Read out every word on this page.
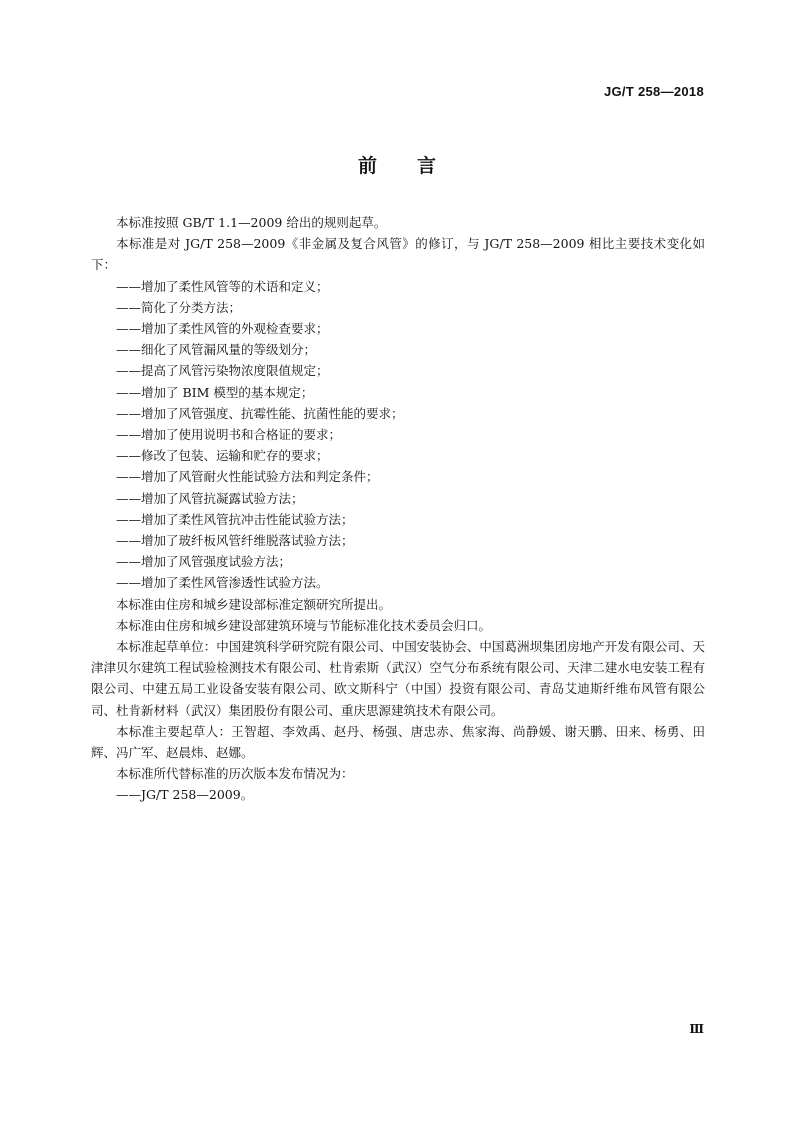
JG/T 258—2018

前言

本标准按照 GB/T 1.1—2009 给出的规则起草。

本标准是对 JG/T 258—2009《非金属及复合风管》的修订，与 JG/T 258—2009 相比主要技术变化如下：

——增加了柔性风管等的术语和定义；

——简化了分类方法；

——增加了柔性风管的外观检查要求；

——细化了风管漏风量的等级划分；

——提高了风管污染物浓度限值规定；

——增加了 BIM 模型的基本规定；

——增加了风管强度、抗霉性能、抗菌性能的要求；

——增加了使用说明书和合格证的要求；

——修改了包装、运输和贮存的要求；

——增加了风管耐火性能试验方法和判定条件；

——增加了风管抗凝露试验方法；

——增加了柔性风管抗冲击性能试验方法；

——增加了玻纤板风管纤维脱落试验方法；

——增加了风管强度试验方法；

——增加了柔性风管渗透性试验方法。

本标准由住房和城乡建设部标准定额研究所提出。

本标准由住房和城乡建设部建筑环境与节能标准化技术委员会归口。

本标准起草单位：中国建筑科学研究院有限公司、中国安装协会、中国葛洲坝集团房地产开发有限公司、天津津贝尔建筑工程试验检测技术有限公司、杜肯索斯（武汉）空气分布系统有限公司、天津二建水电安装工程有限公司、中建五局工业设备安装有限公司、欧文斯科宁（中国）投资有限公司、青岛艾迪斯纤维布风管有限公司、杜肯新材料（武汉）集团股份有限公司、重庆思源建筑技术有限公司。

本标准主要起草人：王智超、李效禹、赵丹、杨强、唐忠赤、焦家海、尚静媛、谢天鹏、田来、杨勇、田辉、冯广军、赵晨炜、赵娜。

本标准所代替标准的历次版本发布情况为：

——JG/T 258—2009。

Ⅲ
